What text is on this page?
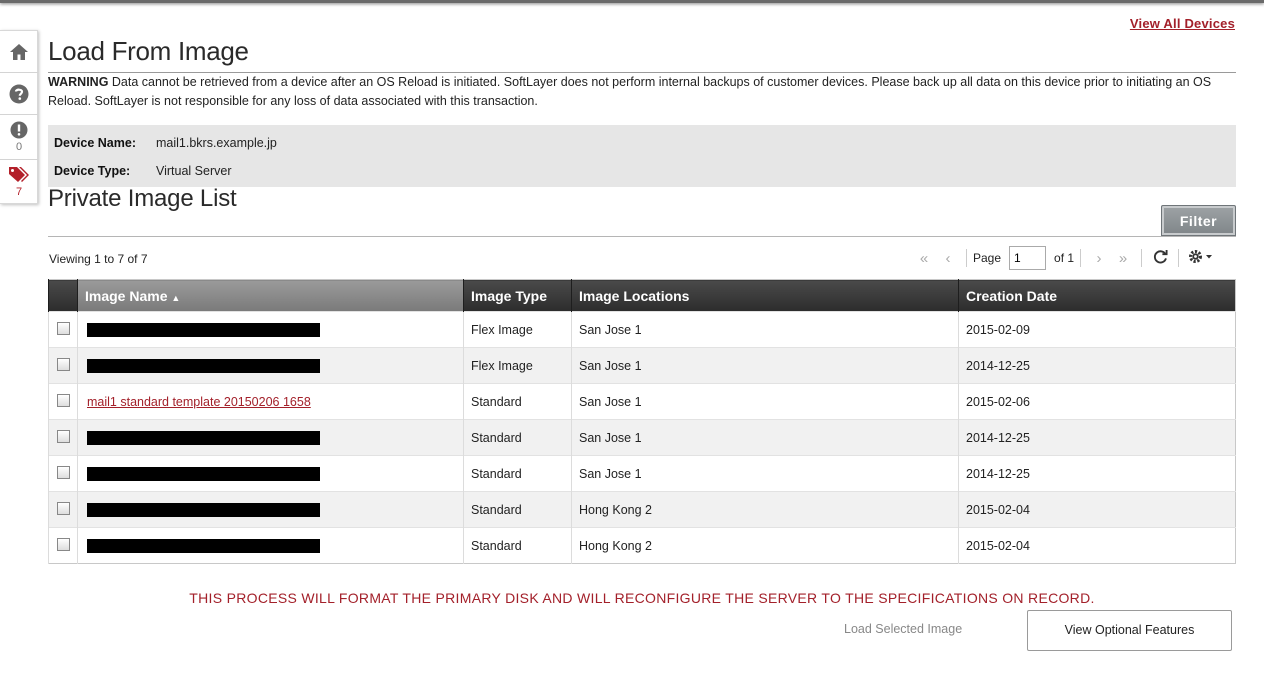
0
7
View All Devices
Load From Image

WARNING Data cannot be retrieved from a device after an OS Reload is initiated. SoftLayer does not perform internal backups of customer devices. Please back up all data on this device prior to initiating an OS Reload. SoftLayer is not responsible for any loss of data associated with this transaction.

Device Name: mail1.bkrs.example.jp
Device Type: Virtual Server
Private Image List
Filter
Viewing 1 to 7 of 7	«	‹	Page
1	of 1	›	»
	Image Name ▲	Image Type	Image Locations	Creation Date
		Flex Image	San Jose 1	2015-02-09
		Flex Image	San Jose 1	2014-12-25
	mail1 standard template 20150206 1658	Standard	San Jose 1	2015-02-06
		Standard	San Jose 1	2014-12-25
		Standard	San Jose 1	2014-12-25
		Standard	Hong Kong 2	2015-02-04
		Standard	Hong Kong 2	2015-02-04
THIS PROCESS WILL FORMAT THE PRIMARY DISK AND WILL RECONFIGURE THE SERVER TO THE SPECIFICATIONS ON RECORD.
Load Selected Image	View Optional Features
